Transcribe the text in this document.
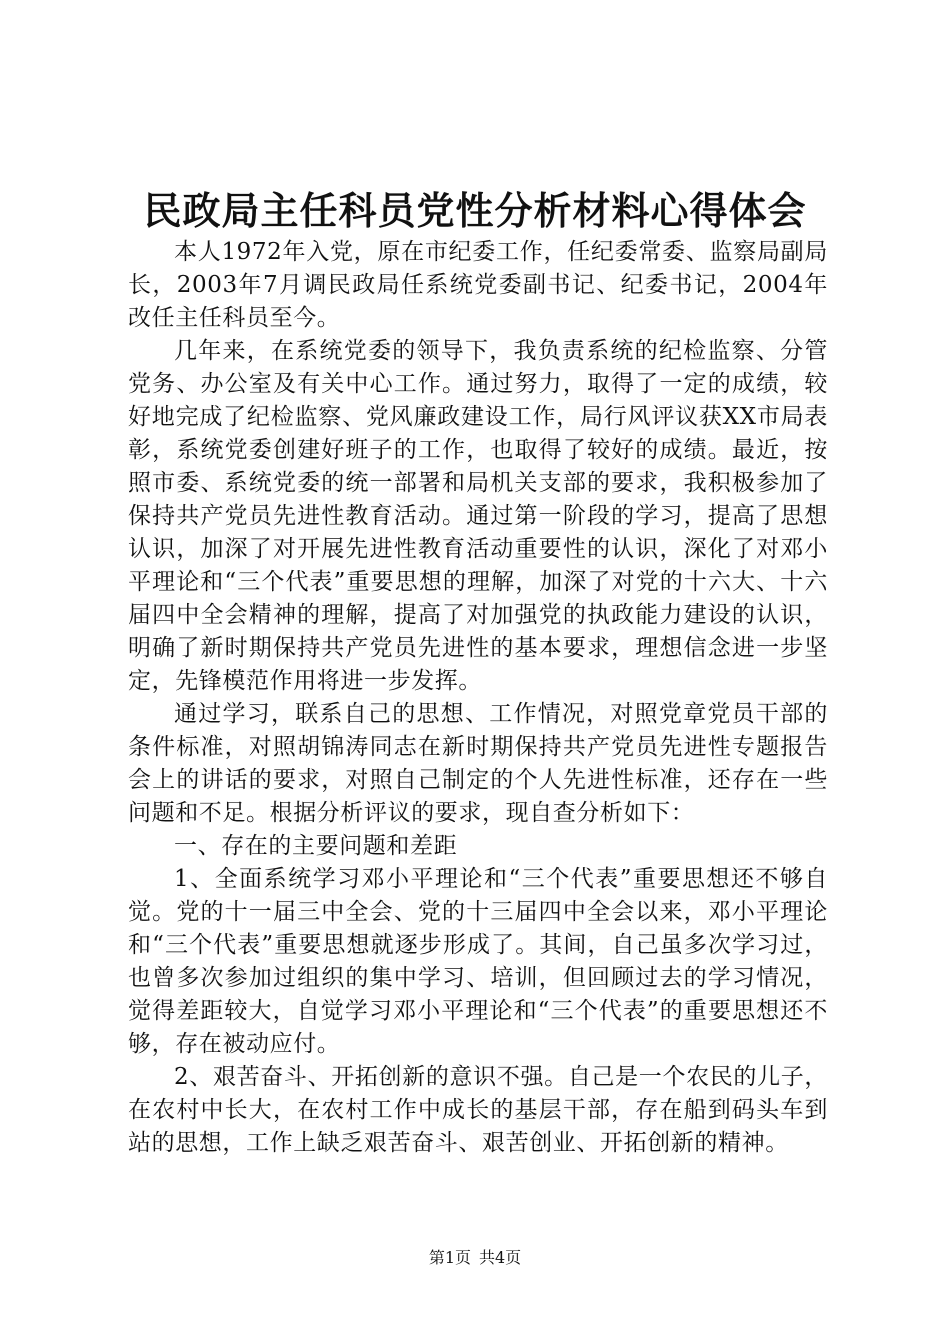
民政局主任科员党性分析材料心得体会

本人1972年入党，原在市纪委工作，任纪委常委、监察局副局长，2003年7月调民政局任系统党委副书记、纪委书记，2004年改任主任科员至今。

几年来，在系统党委的领导下，我负责系统的纪检监察、分管党务、办公室及有关中心工作。通过努力，取得了一定的成绩，较好地完成了纪检监察、党风廉政建设工作，局行风评议获XX市局表彰，系统党委创建好班子的工作，也取得了较好的成绩。最近，按照市委、系统党委的统一部署和局机关支部的要求，我积极参加了保持共产党员先进性教育活动。通过第一阶段的学习，提高了思想认识，加深了对开展先进性教育活动重要性的认识，深化了对邓小平理论和“三个代表”重要思想的理解，加深了对党的十六大、十六届四中全会精神的理解，提高了对加强党的执政能力建设的认识，明确了新时期保持共产党员先进性的基本要求，理想信念进一步坚定，先锋模范作用将进一步发挥。

通过学习，联系自己的思想、工作情况，对照党章党员干部的条件标准，对照胡锦涛同志在新时期保持共产党员先进性专题报告会上的讲话的要求，对照自己制定的个人先进性标准，还存在一些问题和不足。根据分析评议的要求，现自查分析如下：

一、存在的主要问题和差距

1、全面系统学习邓小平理论和“三个代表”重要思想还不够自觉。党的十一届三中全会、党的十三届四中全会以来，邓小平理论和“三个代表”重要思想就逐步形成了。其间，自己虽多次学习过，也曾多次参加过组织的集中学习、培训，但回顾过去的学习情况，觉得差距较大，自觉学习邓小平理论和“三个代表”的重要思想还不够，存在被动应付。

2、艰苦奋斗、开拓创新的意识不强。自己是一个农民的儿子，在农村中长大，在农村工作中成长的基层干部，存在船到码头车到站的思想，工作上缺乏艰苦奋斗、艰苦创业、开拓创新的精神。

第1页 共4页
